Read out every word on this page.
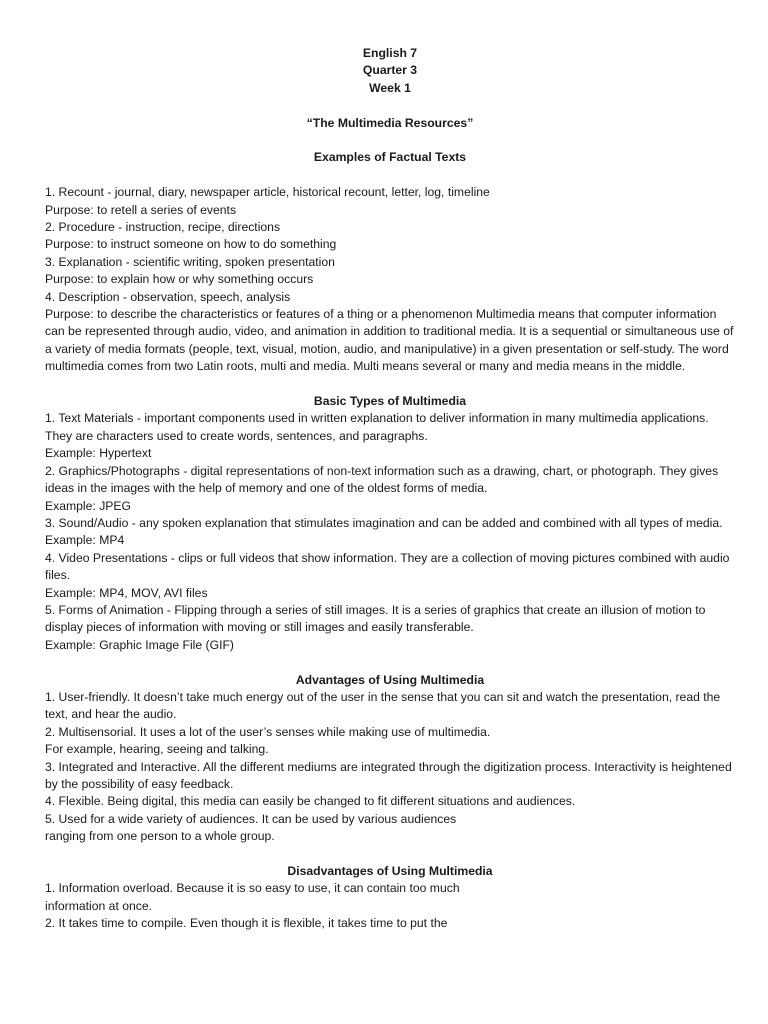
English 7
Quarter 3
Week 1
“The Multimedia Resources”
Examples of Factual Texts
1. Recount - journal, diary, newspaper article, historical recount, letter, log, timeline
Purpose: to retell a series of events
2. Procedure - instruction, recipe, directions
Purpose: to instruct someone on how to do something
3. Explanation - scientific writing, spoken presentation
Purpose: to explain how or why something occurs
4. Description - observation, speech, analysis
Purpose: to describe the characteristics or features of a thing or a phenomenon Multimedia means that computer information can be represented through audio, video, and animation in addition to traditional media. It is a sequential or simultaneous use of a variety of media formats (people, text, visual, motion, audio, and manipulative) in a given presentation or self-study. The word multimedia comes from two Latin roots, multi and media. Multi means several or many and media means in the middle.
Basic Types of Multimedia
1. Text Materials - important components used in written explanation to deliver information in many multimedia applications. They are characters used to create words, sentences, and paragraphs.
Example: Hypertext
2. Graphics/Photographs - digital representations of non-text information such as a drawing, chart, or photograph. They gives ideas in the images with the help of memory and one of the oldest forms of media.
Example: JPEG
3. Sound/Audio - any spoken explanation that stimulates imagination and can be added and combined with all types of media.
Example: MP4
4. Video Presentations - clips or full videos that show information. They are a collection of moving pictures combined with audio files.
Example: MP4, MOV, AVI files
5. Forms of Animation - Flipping through a series of still images. It is a series of graphics that create an illusion of motion to display pieces of information with moving or still images and easily transferable.
Example: Graphic Image File (GIF)
Advantages of Using Multimedia
1. User-friendly. It doesn’t take much energy out of the user in the sense that you can sit and watch the presentation, read the text, and hear the audio.
2. Multisensorial. It uses a lot of the user’s senses while making use of multimedia.
For example, hearing, seeing and talking.
3. Integrated and Interactive. All the different mediums are integrated through the digitization process. Interactivity is heightened by the possibility of easy feedback.
4. Flexible. Being digital, this media can easily be changed to fit different situations and audiences.
5. Used for a wide variety of audiences. It can be used by various audiences
ranging from one person to a whole group.
Disadvantages of Using Multimedia
1. Information overload. Because it is so easy to use, it can contain too much
information at once.
2. It takes time to compile. Even though it is flexible, it takes time to put the
